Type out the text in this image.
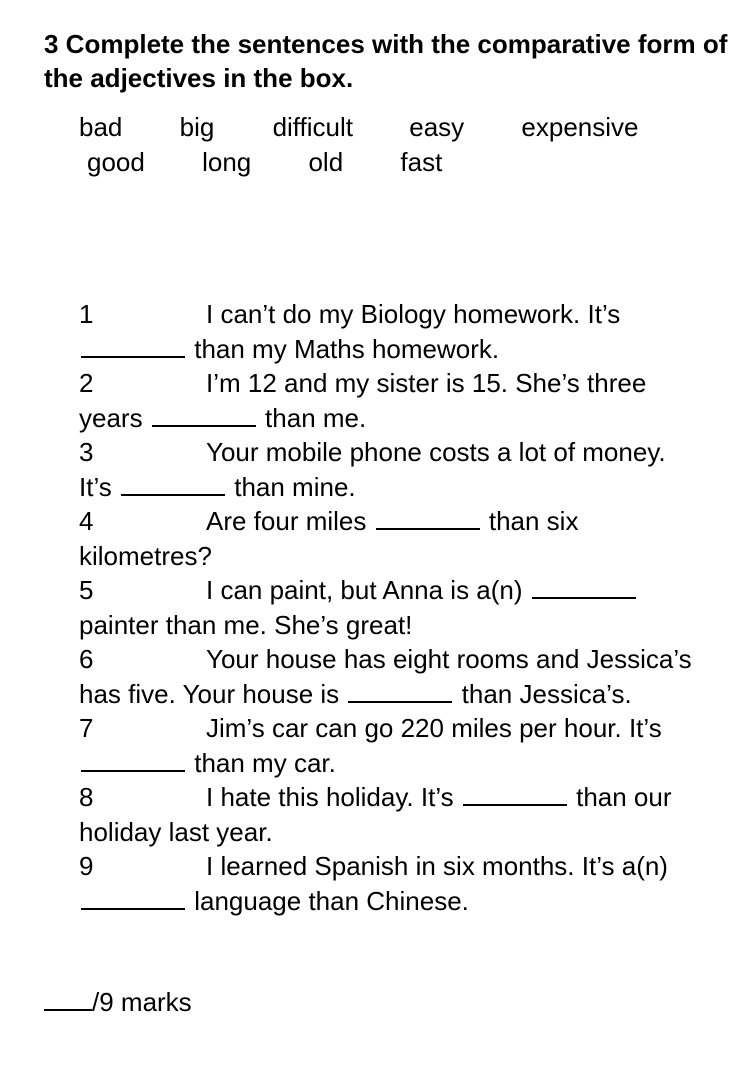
3 Complete the sentences with the comparative form of the adjectives in the box.
bad big difficult easy expensive
good long old fast

1	I can’t do my Biology homework. It’s  than my Maths homework.

2	I’m 12 and my sister is 15. She’s three years	than me.

3	Your mobile phone costs a lot of money. It’s	than mine.

4	Are four miles	than six kilometres?

5	I can paint, but Anna is a(n)  painter than me. She’s great!

6	Your house has eight rooms and Jessica’s has five. Your house is	than Jessica’s.

7	Jim’s car can go 220 miles per hour. It’s  than my car.

8	I hate this holiday. It’s	than our holiday last year.

9	I learned Spanish in six months. It’s a(n)  language than Chinese.

/9 marks
